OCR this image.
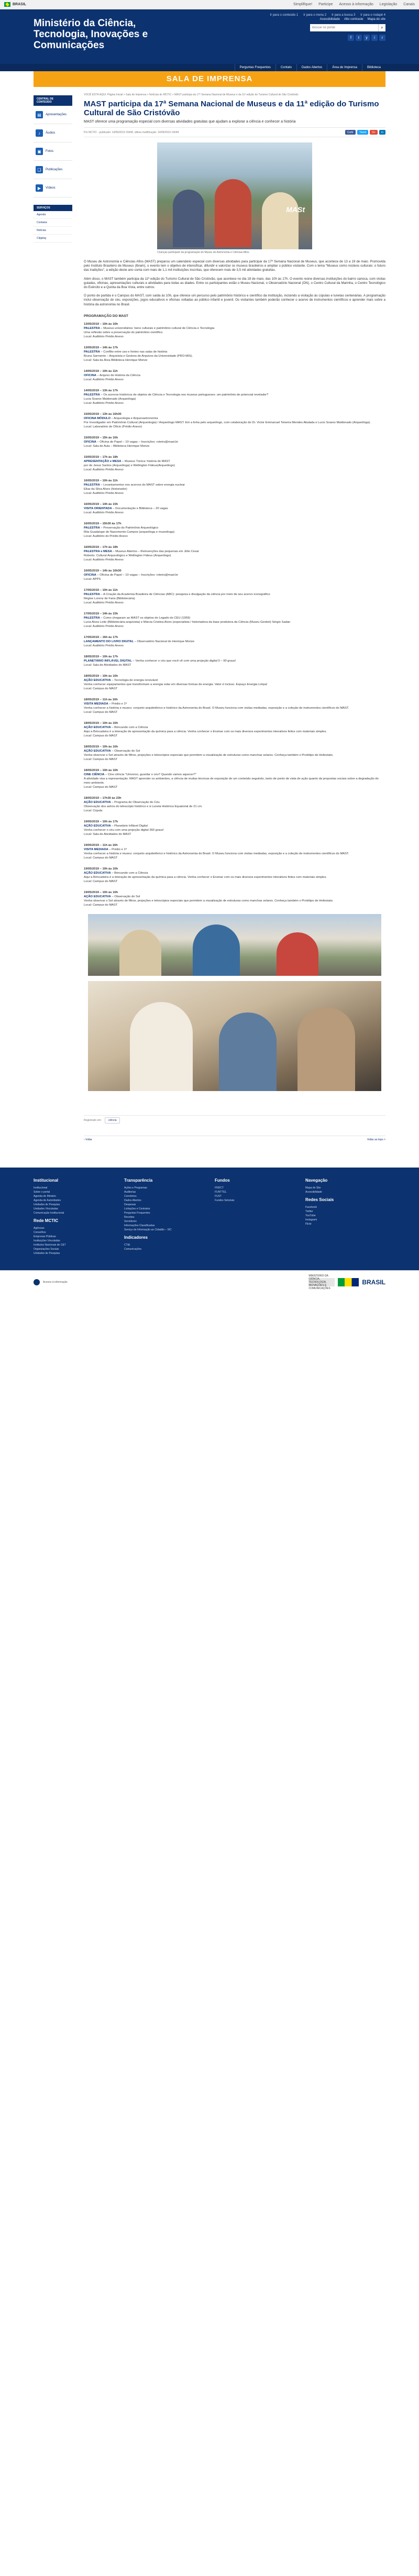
BRASIL	Simplifique! Participe Acesso à informação Legislação Canais
Ir para o conteúdo 1 Ir para o menu 2 Ir para a busca 3 Ir para o rodapé 4
Ministério da Ciência, Tecnologia, Inovações e Comunicações
Acessibilidade Alto contraste Mapa do site
Buscar no portal
⌕
f	t	y	i	r
Perguntas Frequentes	Contato	Dados Abertos	Área de Imprensa	Biblioteca
SALA DE IMPRENSA
CENTRAL DE CONTEÚDO
▤	Apresentações
♪	Áudios
▣	Fotos
❏	Publicações
▶	Vídeos
SERVIÇOS
Agenda
Contatos
Notícias
Clipping
VOCÊ ESTÁ AQUI: Página Inicial > Sala de Imprensa > Notícias do MCTIC > MAST participa da 17ª Semana Nacional de Museus e da 11ª edição do Turismo Cultural de São Cristóvão
MAST participa da 17ª Semana Nacional de Museus e da 11ª edição do Turismo Cultural de São Cristóvão

MAST oferece uma programação especial com diversas atividades gratuitas que ajudam a explorar a ciência e conhecer a história

Por MCTIC - publicado: 14/05/2019 15h58, última modificação: 14/05/2019 15h58	Curtir	Tweet	G+	in
MASt
Crianças participam da programação do Museu de Astronomia e Ciências Afins

O Museu de Astronomia e Ciências Afins (MAST) preparou um calendário especial com diversas atividades para participar da 17ª Semana Nacional de Museus, que acontece de 13 a 19 de maio. Promovida pelo Instituto Brasileiro de Museus (Ibram), o evento tem o objetivo de intensificar, difundir e valorizar os museus brasileiros e ampliar o público visitante. Com o tema "Museus como núcleos culturais: o futuro das tradições", a edição deste ano conta com mais de 1,1 mil instituições inscritas, que oferecem mais de 3,5 mil atividades gratuitas.

Além disso, o MAST também participa da 11ª edição do Turismo Cultural de São Cristóvão, que acontece no dia 18 de maio, das 10h às 17h. O evento reúne diversas instituições do bairro carioca, com visitas guiadas, oficinas, apresentações culturais e atividades para todas as idades. Entre os participantes estão o Museu Nacional, o Observatório Nacional (ON), o Centro Cultural da Marinha, o Centro Tecnológico do Exército e a Quinta da Boa Vista, entre outros.

O ponto de partida é o Campus do MAST, com saída às 10h, que oferece um percurso pelo patrimônio histórico e científico da instituição, incluindo a visitação às cúpulas e lunetas centenárias. A programação inclui observação do céu, exposições, jogos educativos e oficinas voltadas ao público infantil e juvenil. Os visitantes também poderão conhecer o acervo de instrumentos científicos e aprender mais sobre a história da astronomia no Brasil.

PROGRAMAÇÃO DO MAST
13/05/2019 – 10h às 16h
PALESTRA – Museus universitários: bens culturais e patrimônio cultural de Ciência e Tecnologia
Uma reflexão sobre a preservação do patrimônio científico.
Local: Auditório Prédio Anexo
13/05/2019 – 14h às 17h
PALESTRA – Conflito entre uso e fontes nas salas de história
Bruna Sarmento – Arquivista e Gestora de Arquivos da Universidade (PRO-MIS).
Local: Sala da Área Biblioteca Henrique Morize
14/05/2019 – 10h às 11h
OFICINA – Arquivo de História da Ciência
Local: Auditório Prédio Anexo
14/05/2019 – 13h às 17h
PALESTRA – Os acervos históricos de objetos de Ciência e Tecnologia nos museus portugueses: um patrimônio de potencial revelador?
Lucia Soares Maldonado (Arqueóloga)
Local: Auditório Prédio Anexo
15/05/2019 – 13h às 16h30
OFICINA MÓDULO – Arqueologia e Arqueoastronomia
Por Investigador em Patrimônio Cultural (Arqueologia) / Arqueólogo MAST. Em a linha pelo arqueólogo, com colaboração do Dr. Victor Emmanuel Teixeira Mendes Abalada e Lucio Soares Maldonado (Arqueóloga).
Local: Laboratório de Ofício (Prédio Anexo)
15/05/2019 – 15h às 16h
OFICINA – Oficina de Papel – 10 vagas – Inscrições: roteiro@mast.br
Local: Sala de Aula – Biblioteca Henrique Morize
15/05/2019 – 17h às 18h
APRESENTAÇÃO e MESA – Museus Túnica: história do MAST
por de Jesus Santos (Arqueóloga) e Wellington Fideus(Arqueólogo)
Local: Auditório Prédio Anexo
16/05/2019 – 10h às 11h
PALESTRA – Levantamentos nos acervos do MAST sobre energia nuclear
Elias da Silva Alves (historiador)
Local: Auditório Prédio Anexo
16/05/2019 – 14h às 15h
VISITA ORIENTADA – Documentação e Biblioteca – 20 vagas
Local: Auditório Prédio Anexo
16/05/2019 – 15h30 às 17h
PALESTRA – Preservação do Patrimônio Arqueológico
Rita Guadalupe de Nascimento Campos (arqueóloga e museóloga)
Local: Auditório do Prédio Anexo
16/05/2019 – 17h às 18h
PALESTRA e MESA – Museus Abertos – Reinvenções das pequenas em Júlio Cesar
Roberto. Cultural Arqueológico e Wellington Fideus (Arqueólogo)
Local: Auditório Prédio Anexo
16/05/2019 – 14h às 16h30
OFICINA – Oficina de Papel – 10 vagas – Inscrições: roteiro@mast.br
Local: APPS
17/05/2019 – 10h às 11h
PALESTRA – A Criação da Academia Brasileira de Ciências (ABC): pesquisa e divulgação da ciência por meio de seu acervo iconográfico
Régine Lorenz de Faria (Bibliotecária)
Local: Auditório Prédio Anexo
17/05/2019 – 14h às 15h
PALESTRA – Como chegaram ao MAST os objetos do Legado do CEU (1959)
Lucia Alves Leite (Bibliotecária-arquivista) e Márcia Cristina Alves (especialista / historiadora da base produtora da Ciência (Museu Geobel) Sérgio Sadan
Local: Auditório Prédio Anexo
17/05/2019 – 16h às 17h
LANÇAMENTO DO LIVRO DIGITAL – Observatório Nacional do Henrique Morize
Local: Auditório Prédio Anexo
18/05/2019 – 10h às 17h
PLANETÁRIO INFLÁVEL DIGITAL – Venha conhecer o céu que você vê com uma projeção digital 0 – 90 graus!
Local: Sala de Atividades do MAST
18/05/2019 – 10h às 16h
AÇÃO EDUCATIVA – Tecnologia de energia renovável
Venha conhecer equipamentos que transformam a energia solar em diversas formas de energia. Valor é incluso. Espaço Energia Limpa!
Local: Campus do MAST
18/05/2019 – 11h às 16h
VISITA MEDIADA – Prédio e 1ª
Venha conhecer a história e museu: conjunto arquitetônico e histórico da Astronomia do Brasil. O Museu funciona com visitas mediadas, exposição e a coleção de instrumentos científicos do MAST.
Local: Campus do MAST
18/05/2019 – 10h às 16h
AÇÃO EDUCATIVA – Brincando com a Ciência
Aqui a Brincadeira é a interação de apresentação da química para a ciência. Venha conhecer o Ensinar com os mais diversos experimentos interativos feitos com materiais simples.
Local: Campus do MAST
18/05/2019 – 10h às 16h
AÇÃO EDUCATIVA – Observação do Sol
Venha observar o Sol através de filtros, projeções e telescópios especiais que permitem a visualização de estruturas como manchas solares. Conheça também o Protótipo de Heliostato.
Local: Campus do MAST
18/05/2019 – 10h às 16h
CINE CIÊNCIA – Cine ciência "Universo, guardar o céu? Quando vamos aquecer?"
A atividade visa a representação: MAST aprender os ambientes, a ciência de muitas técnicas de exposição de um conteúdo seguindo, tanto de ponto de vista de ação quanto da propostas sociais sobre a degradação do meio ambiente.
Local: Campus do MAST
18/05/2019 – 17h30 às 23h
AÇÃO EDUCATIVA – Programa de Observação do Céu
Observação dos astros do telescópio histórico e à Luneta Histórica Equatorial de 21 cm.
Local: Cúpula
19/05/2019 – 10h às 17h
AÇÃO EDUCATIVA – Planetário Inflável Digital
Venha conhecer o céu com uma projeção digital 360 graus!
Local: Sala de Atividades do MAST
19/05/2019 – 11h às 16h
VISITA MEDIADA – Prédio e 1ª
Venha conhecer a história e museu: conjunto arquitetônico e histórico da Astronomia do Brasil. O Museu funciona com visitas mediadas, exposição e a coleção de instrumentos científicos do MAST.
Local: Campus do MAST
19/05/2019 – 10h às 16h
AÇÃO EDUCATIVA – Brincando com a Ciência
Aqui a Brincadeira é a interação de apresentação da química para a ciência. Venha conhecer o Ensinar com os mais diversos experimentos interativos feitos com materiais simples.
Local: Campus do MAST
19/05/2019 – 10h às 16h
AÇÃO EDUCATIVA – Observação do Sol
Venha observar o Sol através de filtros, projeções e telescópios especiais que permitem a visualização de estruturas como manchas solares. Conheça também o Protótipo de Heliostato.
Local: Campus do MAST
Registrado em:	ciência
‹ Voltar	Voltar ao topo ˄
Institucional
Institucional
Sobre o portal
Agenda do Ministro
Agenda de Autoridades
Unidades de Pesquisa
Unidades Vinculadas
Comunicação Institucional
Rede MCTIC
Agências
Conselhos
Empresas Públicas
Instituições Vinculadas
Institutos Nacionais de C&T
Organizações Sociais
Unidades de Pesquisa
Transparência
Ações e Programas
Auditorias
Convênios
Dados Abertos
Despesas
Licitações e Contratos
Perguntas Frequentes
Receitas
Servidores
Informações Classificadas
Serviço de Informação ao Cidadão – SIC
Indicadores
CT&I
Comunicações
Fundos
FNDCT
FUNTTEL
FUST
Fundos Setoriais
Navegação
Mapa do Site
Acessibilidade
Redes Sociais
Facebook
Twitter
YouTube
Instagram
Flickr
Acesso à informação
MINISTÉRIO DA CIÊNCIA, TECNOLOGIA, INOVAÇÕES E COMUNICAÇÕES
BRASIL
